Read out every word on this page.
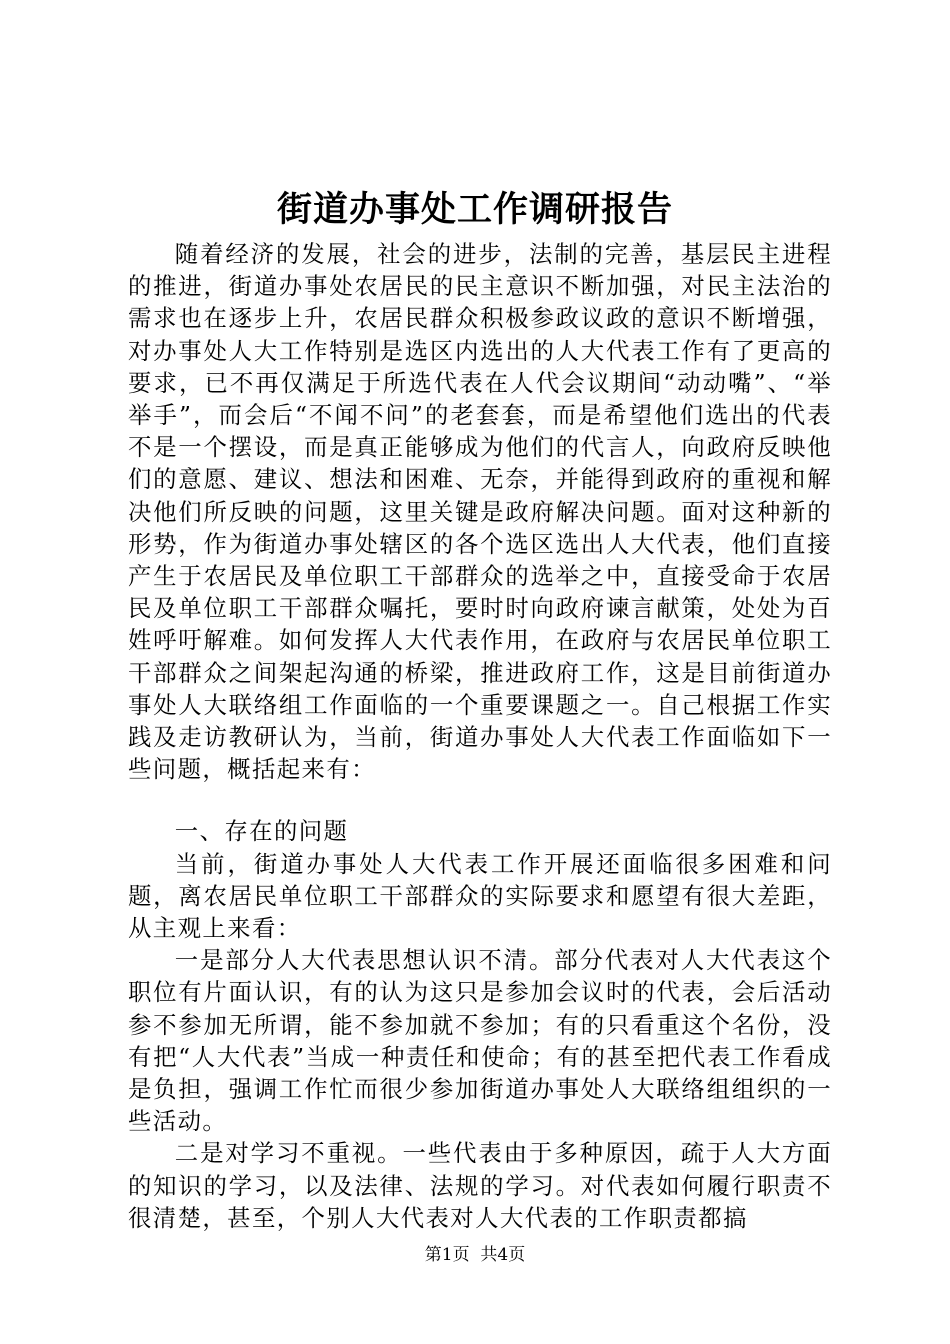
街道办事处工作调研报告

随着经济的发展，社会的进步，法制的完善，基层民主进程的推进，街道办事处农居民的民主意识不断加强，对民主法治的需求也在逐步上升，农居民群众积极参政议政的意识不断增强，对办事处人大工作特别是选区内选出的人大代表工作有了更高的要求，已不再仅满足于所选代表在人代会议期间“动动嘴”、“举举手”，而会后“不闻不问”的老套套，而是希望他们选出的代表不是一个摆设，而是真正能够成为他们的代言人，向政府反映他们的意愿、建议、想法和困难、无奈，并能得到政府的重视和解决他们所反映的问题，这里关键是政府解决问题。面对这种新的形势，作为街道办事处辖区的各个选区选出人大代表，他们直接产生于农居民及单位职工干部群众的选举之中，直接受命于农居民及单位职工干部群众嘱托，要时时向政府谏言献策，处处为百姓呼吁解难。如何发挥人大代表作用，在政府与农居民单位职工干部群众之间架起沟通的桥梁，推进政府工作，这是目前街道办事处人大联络组工作面临的一个重要课题之一。自己根据工作实践及走访教研认为，当前，街道办事处人大代表工作面临如下一些问题，概括起来有：

一、存在的问题

当前，街道办事处人大代表工作开展还面临很多困难和问题，离农居民单位职工干部群众的实际要求和愿望有很大差距，从主观上来看：

一是部分人大代表思想认识不清。部分代表对人大代表这个职位有片面认识，有的认为这只是参加会议时的代表，会后活动参不参加无所谓，能不参加就不参加；有的只看重这个名份，没有把“人大代表”当成一种责任和使命；有的甚至把代表工作看成是负担，强调工作忙而很少参加街道办事处人大联络组组织的一些活动。

二是对学习不重视。一些代表由于多种原因，疏于人大方面的知识的学习，以及法律、法规的学习。对代表如何履行职责不很清楚，甚至，个别人大代表对人大代表的工作职责都搞

第1页  共4页
